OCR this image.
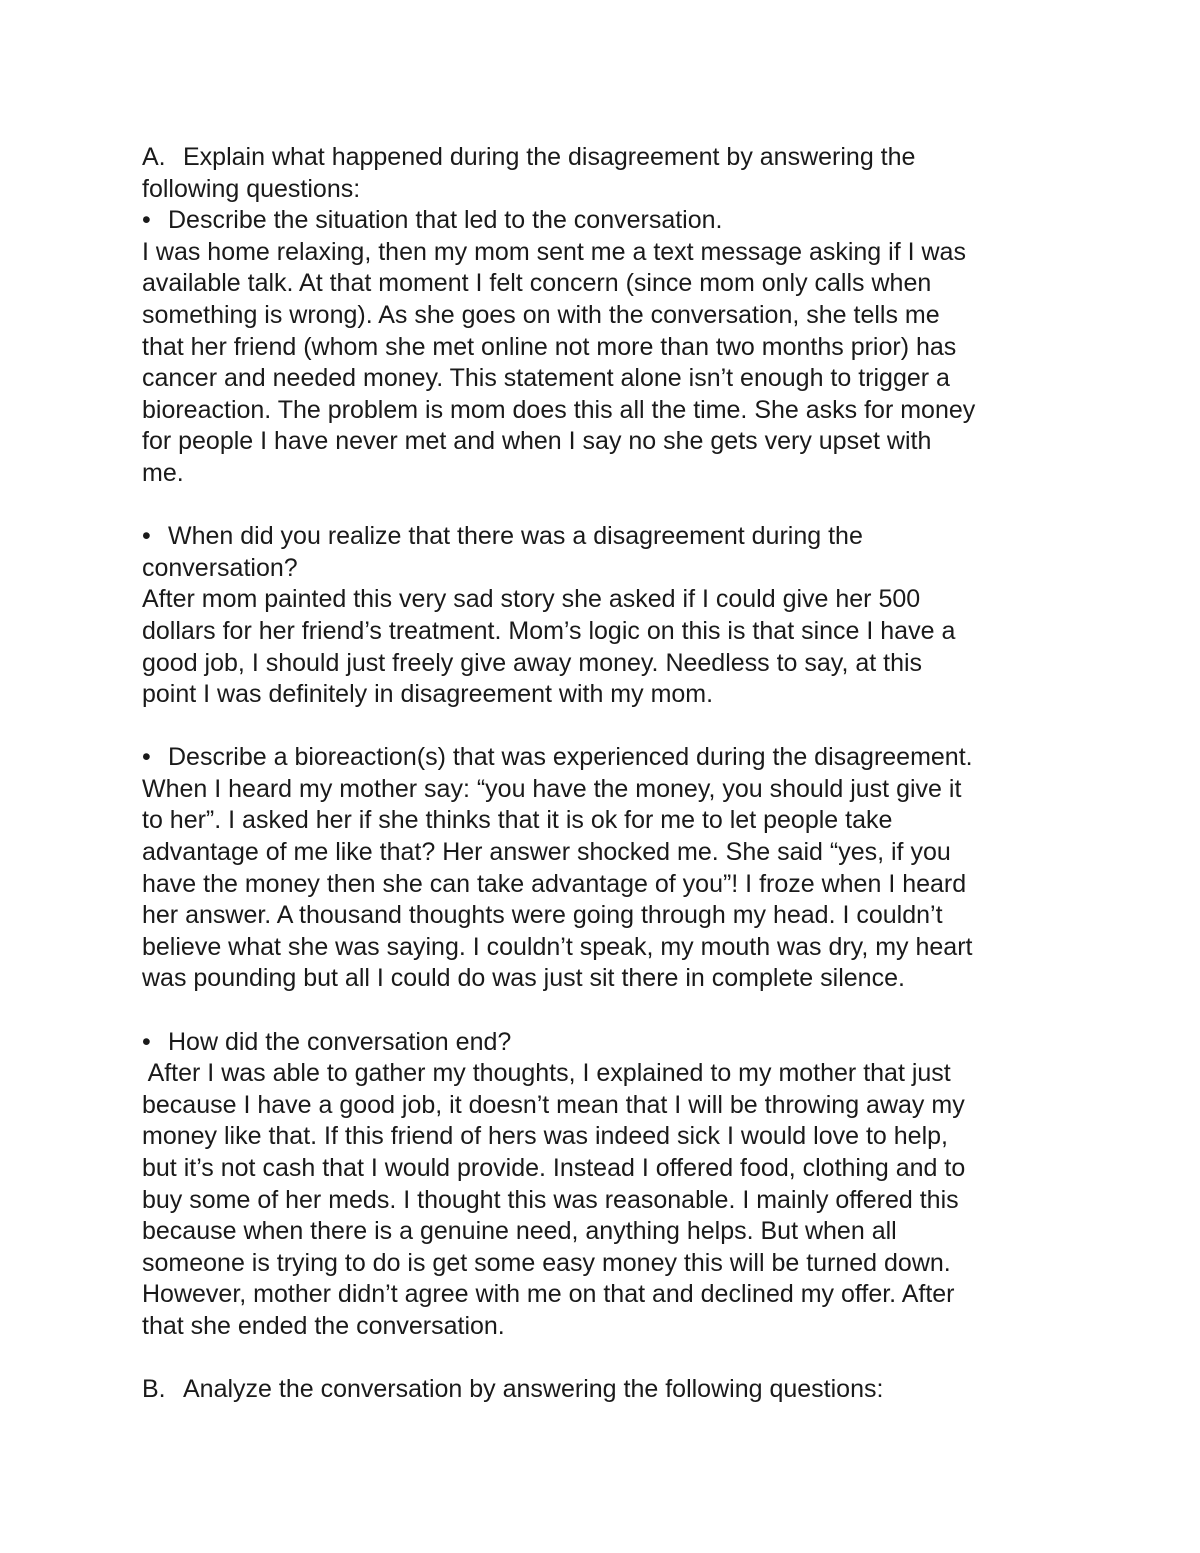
A. Explain what happened during the disagreement by answering the

following questions:

• Describe the situation that led to the conversation.

I was home relaxing, then my mom sent me a text message asking if I was

available talk. At that moment I felt concern (since mom only calls when

something is wrong). As she goes on with the conversation, she tells me

that her friend (whom she met online not more than two months prior) has

cancer and needed money. This statement alone isn’t enough to trigger a

bioreaction. The problem is mom does this all the time. She asks for money

for people I have never met and when I say no she gets very upset with

me.

• When did you realize that there was a disagreement during the

conversation?

After mom painted this very sad story she asked if I could give her 500

dollars for her friend’s treatment. Mom’s logic on this is that since I have a

good job, I should just freely give away money. Needless to say, at this

point I was definitely in disagreement with my mom.

• Describe a bioreaction(s) that was experienced during the disagreement.

When I heard my mother say: “you have the money, you should just give it

to her”. I asked her if she thinks that it is ok for me to let people take

advantage of me like that? Her answer shocked me. She said “yes, if you

have the money then she can take advantage of you”! I froze when I heard

her answer. A thousand thoughts were going through my head. I couldn’t

believe what she was saying. I couldn’t speak, my mouth was dry, my heart

was pounding but all I could do was just sit there in complete silence.

• How did the conversation end?

After I was able to gather my thoughts, I explained to my mother that just

because I have a good job, it doesn’t mean that I will be throwing away my

money like that. If this friend of hers was indeed sick I would love to help,

but it’s not cash that I would provide. Instead I offered food, clothing and to

buy some of her meds. I thought this was reasonable. I mainly offered this

because when there is a genuine need, anything helps. But when all

someone is trying to do is get some easy money this will be turned down.

However, mother didn’t agree with me on that and declined my offer. After

that she ended the conversation.

B. Analyze the conversation by answering the following questions:
